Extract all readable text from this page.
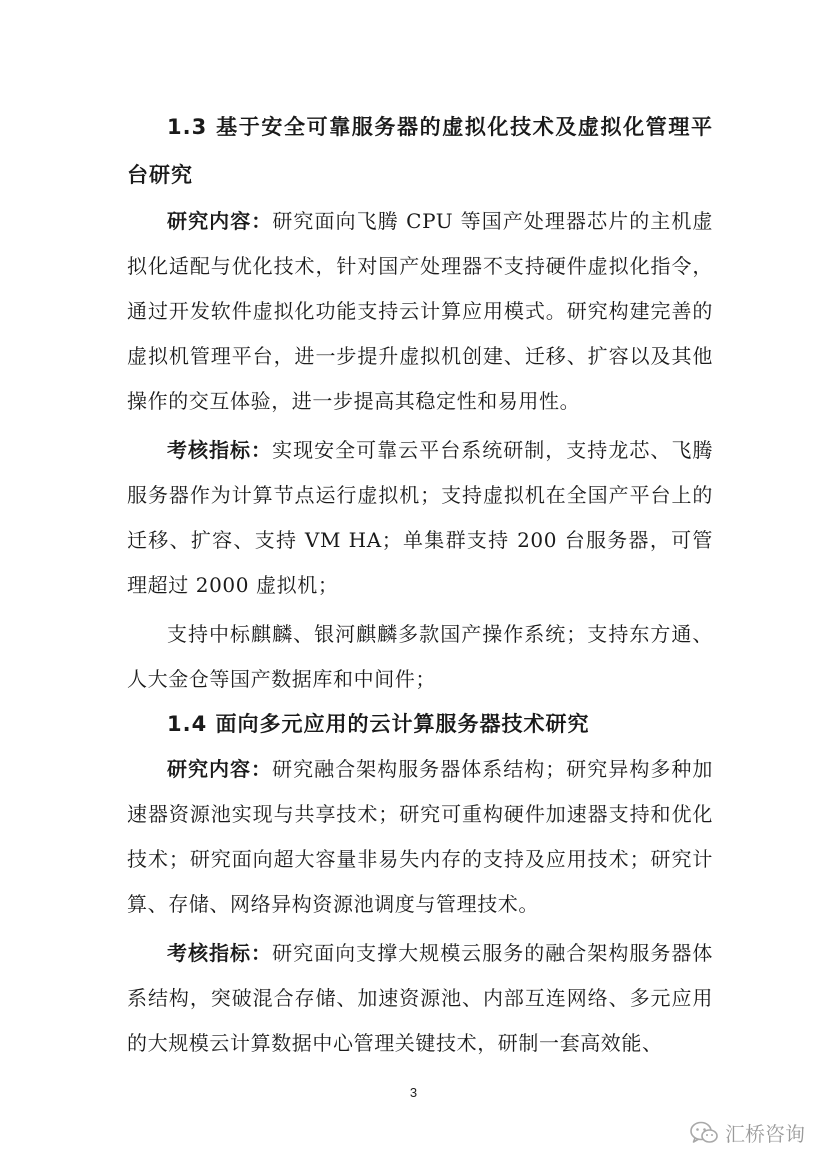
1.3 基于安全可靠服务器的虚拟化技术及虚拟化管理平台研究

研究内容：研究面向飞腾 CPU 等国产处理器芯片的主机虚拟化适配与优化技术，针对国产处理器不支持硬件虚拟化指令，通过开发软件虚拟化功能支持云计算应用模式。研究构建完善的虚拟机管理平台，进一步提升虚拟机创建、迁移、扩容以及其他操作的交互体验，进一步提高其稳定性和易用性。

考核指标：实现安全可靠云平台系统研制，支持龙芯、飞腾服务器作为计算节点运行虚拟机；支持虚拟机在全国产平台上的迁移、扩容、支持 VM HA；单集群支持 200 台服务器，可管理超过 2000 虚拟机；

支持中标麒麟、银河麒麟多款国产操作系统；支持东方通、人大金仓等国产数据库和中间件；

1.4 面向多元应用的云计算服务器技术研究

研究内容：研究融合架构服务器体系结构；研究异构多种加速器资源池实现与共享技术；研究可重构硬件加速器支持和优化技术；研究面向超大容量非易失内存的支持及应用技术；研究计算、存储、网络异构资源池调度与管理技术。

考核指标：研究面向支撑大规模云服务的融合架构服务器体系结构，突破混合存储、加速资源池、内部互连网络、多元应用的大规模云计算数据中心管理关键技术，研制一套高效能、

3
汇桥咨询
